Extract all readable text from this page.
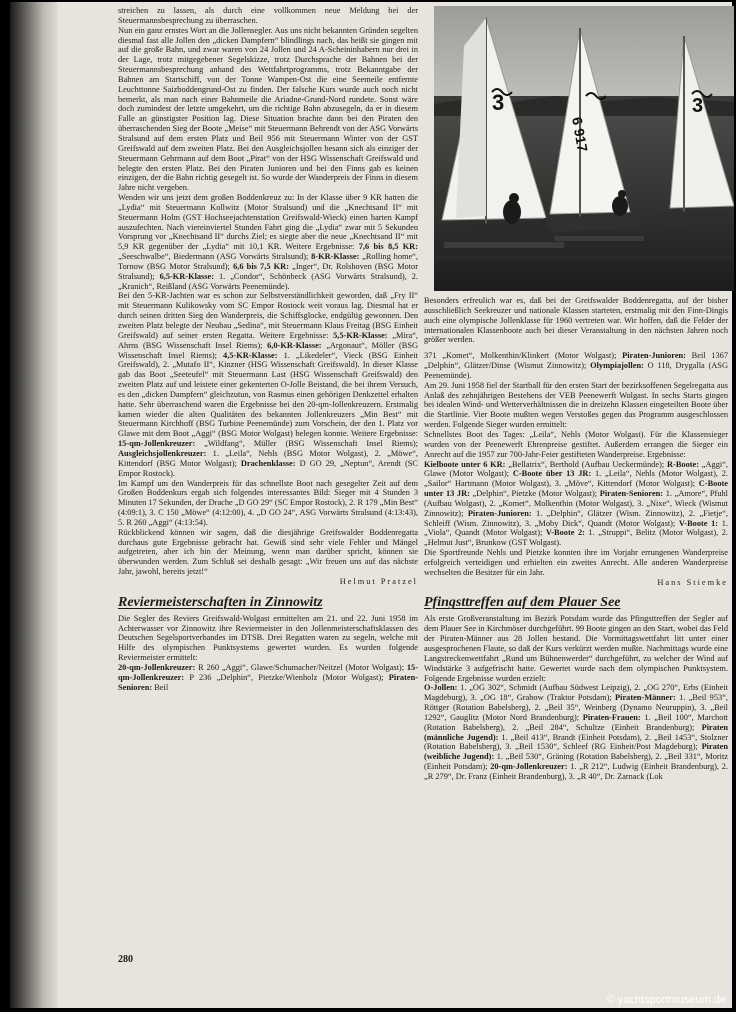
3
6 917
3

streichen zu lassen, als durch eine vollkommen neue Meldung bei der Steuermannsbesprechung zu überraschen.

Nun ein ganz ernstes Wort an die Jollensegler. Aus uns nicht bekannten Gründen segelten diesmal fast alle Jollen den „dicken Dampfern“ blindlings nach, das heißt sie gingen mit auf die große Bahn, und zwar waren von 24 Jollen und 24 A-Scheininhabern nur drei in der Lage, trotz mitgegebener Segelskizze, trotz Durchsprache der Bahnen bei der Steuermannsbesprechung anhand des Wettfahrtprogramms, trotz Bekanntgabe der Bahnen am Startschiff, von der Tonne Wampen-Ost die eine Seemeile entfernte Leuchttonne Saizboddengrund-Ost zu finden. Der falsche Kurs wurde auch noch nicht bemerkt, als man nach einer Bahnmeile die Ariadne-Grund-Nord rundete. Sonst wäre doch zumindest der letzte umgekehrt, um die richtige Bahn abzusegeln, da er in diesem Falle an günstigster Position lag. Diese Situation brachte dann bei den Piraten den überraschenden Sieg der Boote „Meise“ mit Steuermann Behrendt von der ASG Vorwärts Stralsund auf dem ersten Platz und Beil 956 mit Steuermann Winter von der GST Greifswald auf dem zweiten Platz. Bei den Ausgleichsjollen besann sich als einziger der Steuermann Gehrmann auf dem Boot „Pirat“ von der HSG Wissenschaft Greifswald und belegte den ersten Platz. Bei den Piraten Junioren und bei den Finns gab es keinen einzigen, der die Bahn richtig gesegelt ist. So wurde der Wanderpreis der Finns in diesem Jahre nicht vergeben.

Wenden wir uns jetzt dem großen Boddenkreuz zu: In der Klasse über 9 KR hatten die „Lydia“ mit Steuermann Kollwitz (Motor Stralsund) und die „Knechtsand II“ mit Steuermann Holm (GST Hochseejachtenstation Greifswald-Wieck) einen harten Kampf auszufechten. Nach viereinviertel Stunden Fahrt ging die „Lydia“ zwar mit 5 Sekunden Vorsprung vor „Knechtsand II“ durchs Ziel; es siegte aber die neue „Knechtsand II“ mit 5,9 KR gegenüber der „Lydia“ mit 10,1 KR. Weitere Ergebnisse: 7,6 bis 8,5 KR: „Seeschwalbe“, Biedermann (ASG Vorwärts Stralsund); 8-KR-Klasse: „Rolling home“, Tornow (BSG Motor Stralsund); 6,6 bis 7,5 KR: „Inger“, Dr. Rolshoven (BSG Motor Stralsund); 6,5-KR-Klasse: 1. „Condor“, Schönbeck (ASG Vorwärts Stralsund), 2. „Kranich“, Reißland (ASG Vorwärts Peenemünde).

Bei den 5-KR-Jachten war es schon zur Selbstverständlichkeit geworden, daß „Fry II“ mit Steuermann Kulikowsky vom SC Empor Rostock weit voraus lag. Diesmal hat er durch seinen dritten Sieg den Wanderpreis, die Schiffsglocke, endgültig gewonnen. Den zweiten Platz belegte der Neubau „Sedina“, mit Steuermann Klaus Freitag (BSG Einheit Greifswald) auf seiner ersten Regatta. Weitere Ergebnisse: 5,5-KR-Klasse: „Mira“, Ahrns (BSG Wissenschaft Insel Riems); 6,0-KR-Klasse: „Argonaut“, Möller (BSG Wissenschaft Insel Riems); 4,5-KR-Klasse: 1. „Likedeler“, Vieck (BSG Einheit Greifswald), 2. „Mutafo II“, Kinzner (HSG Wissenschaft Greifswald). In dieser Klasse gab das Boot „Seeteufel“ mit Steuermann Last (HSG Wissenschaft Greifswald) den zweiten Platz auf und leistete einer gekenterten O-Jolle Beistand, die bei ihrem Versuch, es den „dicken Dampfern“ gleichzutun, von Rasmus einen gehörigen Denkzettel erhalten hatte. Sehr überraschend waren die Ergebnisse bei den 20-qm-Jollenkreuzern. Erstmalig kamen wieder die alten Qualitäten des bekannten Jollenkreuzers „Min Best“ mit Steuermann Kirchhoff (BSG Turbine Peenemünde) zum Vorschein, der den 1. Platz vor Glawe mit dem Boot „Aggi“ (BSG Motor Wolgast) belegen konnte. Weitere Ergebnisse: 15-qm-Jollenkreuzer: „Wildfang“, Müller (BSG Wissenschaft Insel Riems); Ausgleichsjollenkreuzer: 1. „Leila“, Nehls (BSG Motor Wolgast), 2. „Möwe“, Kittendorf (BSG Motor Wolgast); Drachenklasse: D GO 29, „Neptun“, Arendt (SC Empor Rostock).

Im Kampf um den Wanderpreis für das schnellste Boot nach gesegelter Zeit auf dem Großen Boddenkurs ergab sich folgendes interessantes Bild: Sieger mit 4 Stunden 3 Minuten 17 Sekunden, der Drache „D GO 29“ (SC Empor Rostock), 2. R 179 „Min Best“ (4:09:1), 3. C 150 „Möwe“ (4:12:00), 4. „D GO 24“, ASG Vorwärts Stralsund (4:13:43), 5. R 260 „Aggi“ (4:13:54).

Rückblickend können wir sagen, daß die diesjährige Greifswalder Boddenregatta durchaus gute Ergebnisse gebracht hat. Gewiß sind sehr viele Fehler und Mängel aufgetreten, aber ich bin der Meinung, wenn man darüber spricht, können sie überwunden werden. Zum Schluß sei deshalb gesagt: „Wir freuen uns auf das nächste Jahr, jawohl, bereits jetzt!“

Helmut Pratzel

Reviermeisterschaften in Zinnowitz

Die Segler des Reviers Greifswald-Wolgast ermittelten am 21. und 22. Juni 1958 im Achterwasser vor Zinnowitz ihre Reviermeister in den Jollenmeisterschaftsklassen des Deutschen Segelsportverbandes im DTSB. Drei Regatten waren zu segeln, welche mit Hilfe des olympischen Punktsystems gewertet wurden. Es wurden folgende Reviermeister ermittelt:

20-qm-Jollenkreuzer: R 260 „Aggi“, Glawe/Schumacher/Neitzel (Motor Wolgast); 15-qm-Jollenkreuzer: P 236 „Delphin“, Pietzke/Wienholz (Motor Wolgast); Piraten-Senioren: Beil

280

Besonders erfreulich war es, daß bei der Greifswalder Boddenregatta, auf der bisher ausschließlich Seekreuzer und nationale Klassen startetеn, erstmalig mit den Finn-Dingis auch eine olympische Jollenklasse für 1960 vertreten war. Wir hoffen, daß die Felder der internationalen Klassenboote auch bei dieser Veranstaltung in den nächsten Jahren noch größer werden.

371 „Komet“, Molkenthin/Klinkert (Motor Wolgast); Piraten-Junioren: Beil 1367 „Delphin“, Glätzer/Dinse (Wismut Zinnowitz); Olympiajollen: O 118, Drygalla (ASG Peenemünde).

Am 29. Juni 1958 fiel der Startball für den ersten Start der bezirksoffenen Segelregatta aus Anlaß des zehnjährigen Bestehens der VEB Peenewerft Wolgast. In sechs Starts gingen bei idealen Wind- und Wetterverhältnissen die in dreizehn Klassen eingeteilten Boote über die Startlinie. Vier Boote mußten wegen Verstoßes gegen das Programm ausgeschlossen werden. Folgende Sieger wurden ermittelt:

Schnellstes Boot des Tages: „Leila“, Nehls (Motor Wolgast). Für die Klassensieger wurden von der Peenewerft Ehrenpreise gestiftet. Außerdem errangen die Sieger ein Anrecht auf die 1957 zur 700-Jahr-Feier gestifteten Wanderpreise. Ergebnisse:

Kielboote unter 6 KR: „Bellatrix“, Berthold (Aufbau Ueckermünde); R-Boote: „Aggi“, Glawe (Motor Wolgast); C-Boote über 13 JR: 1. „Leila“, Nehls (Motor Wolgast), 2. „Sailor“ Hartmann (Motor Wolgast), 3. „Möve“, Kittendorf (Motor Wolgast); C-Boote unter 13 JR: „Delphin“, Pietzke (Motor Wolgast); Piraten-Senioren: 1. „Amore“, Pfuhl (Aufbau Wolgast), 2. „Komet“, Molkenthin (Motor Wolgast), 3. „Nixe“, Wieck (Wismut Zinnowitz); Piraten-Junioren: 1. „Delphin“, Glätzer (Wism. Zinnowitz), 2. „Fietje“, Schleiff (Wism. Zinnowitz), 3. „Moby Dick“, Quandt (Motor Wolgast); V-Boote 1: 1. „Viola“, Quandt (Motor Wolgast); V-Boote 2: 1. „Struppi“, Belitz (Motor Wolgast), 2. „Helmut Just“, Brunkow (GST Wolgast).

Die Sportfreunde Nehls und Pietzke konnten ihre im Vorjahr errungenen Wanderpreise erfolgreich verteidigen und erhielten ein zweites Anrecht. Alle anderen Wanderpreise wechselten die Besitzer für ein Jahr.

Hans Stiemke

Pfingsttreffen auf dem Plauer See

Als erste Großveranstaltung im Bezirk Potsdam wurde das Pfingsttreffen der Segler auf dem Plauer See in Kirchmöser durchgeführt. 99 Boote gingen an den Start, wobei das Feld der Piraten-Männer aus 28 Jollen bestand. Die Vormittagswettfahrt litt unter einer ausgesprochenen Flaute, so daß der Kurs verkürzt werden mußte. Nachmittags wurde eine Langstreckenwettfahrt „Rund um Bühnenwerder“ durchgeführt, zu welcher der Wind auf Windstärke 3 aufgefrischt hatte. Gewertet wurde nach dem olympischen Punktsystem. Folgende Ergebnisse wurden erzielt:

O-Jollen: 1. „OG 302“, Schmidt (Aufbau Südwest Leipzig), 2. „OG 270“, Erbs (Einheit Magdeburg), 3. „OG 18“, Grabow (Traktor Potsdam); Piraten-Männer: 1. „Beil 953“, Röttger (Rotation Babelsberg), 2. „Beil 35“, Weinberg (Dynamo Neuruppin), 3. „Beil 1292“, Gauglitz (Motor Nord Brandenburg); Piraten-Frauen: 1. „Beil 100“, Marchott (Rotation Babelsberg), 2. „Beil 284“, Schultze (Einheit Brandenburg); Piraten (männliche Jugend): 1. „Beil 413“, Brandt (Einheit Potsdam), 2. „Beil 1453“, Stolzner (Rotation Babelsberg), 3. „Beil 1530“, Schleef (RG Einheit/Post Magdeburg); Piraten (weibliche Jugend): 1. „Beil 530“, Gräning (Rotation Babelsberg), 2. „Beil 331“, Moritz (Einheit Potsdam); 20-qm-Jollenkreuzer: 1. „R 212“, Ludwig (Einheit Brandenburg), 2. „R 279“, Dr. Franz (Einheit Brandenburg), 3. „R 40“, Dr. Zarnack (Lok

© yachtsportmuseum.de
